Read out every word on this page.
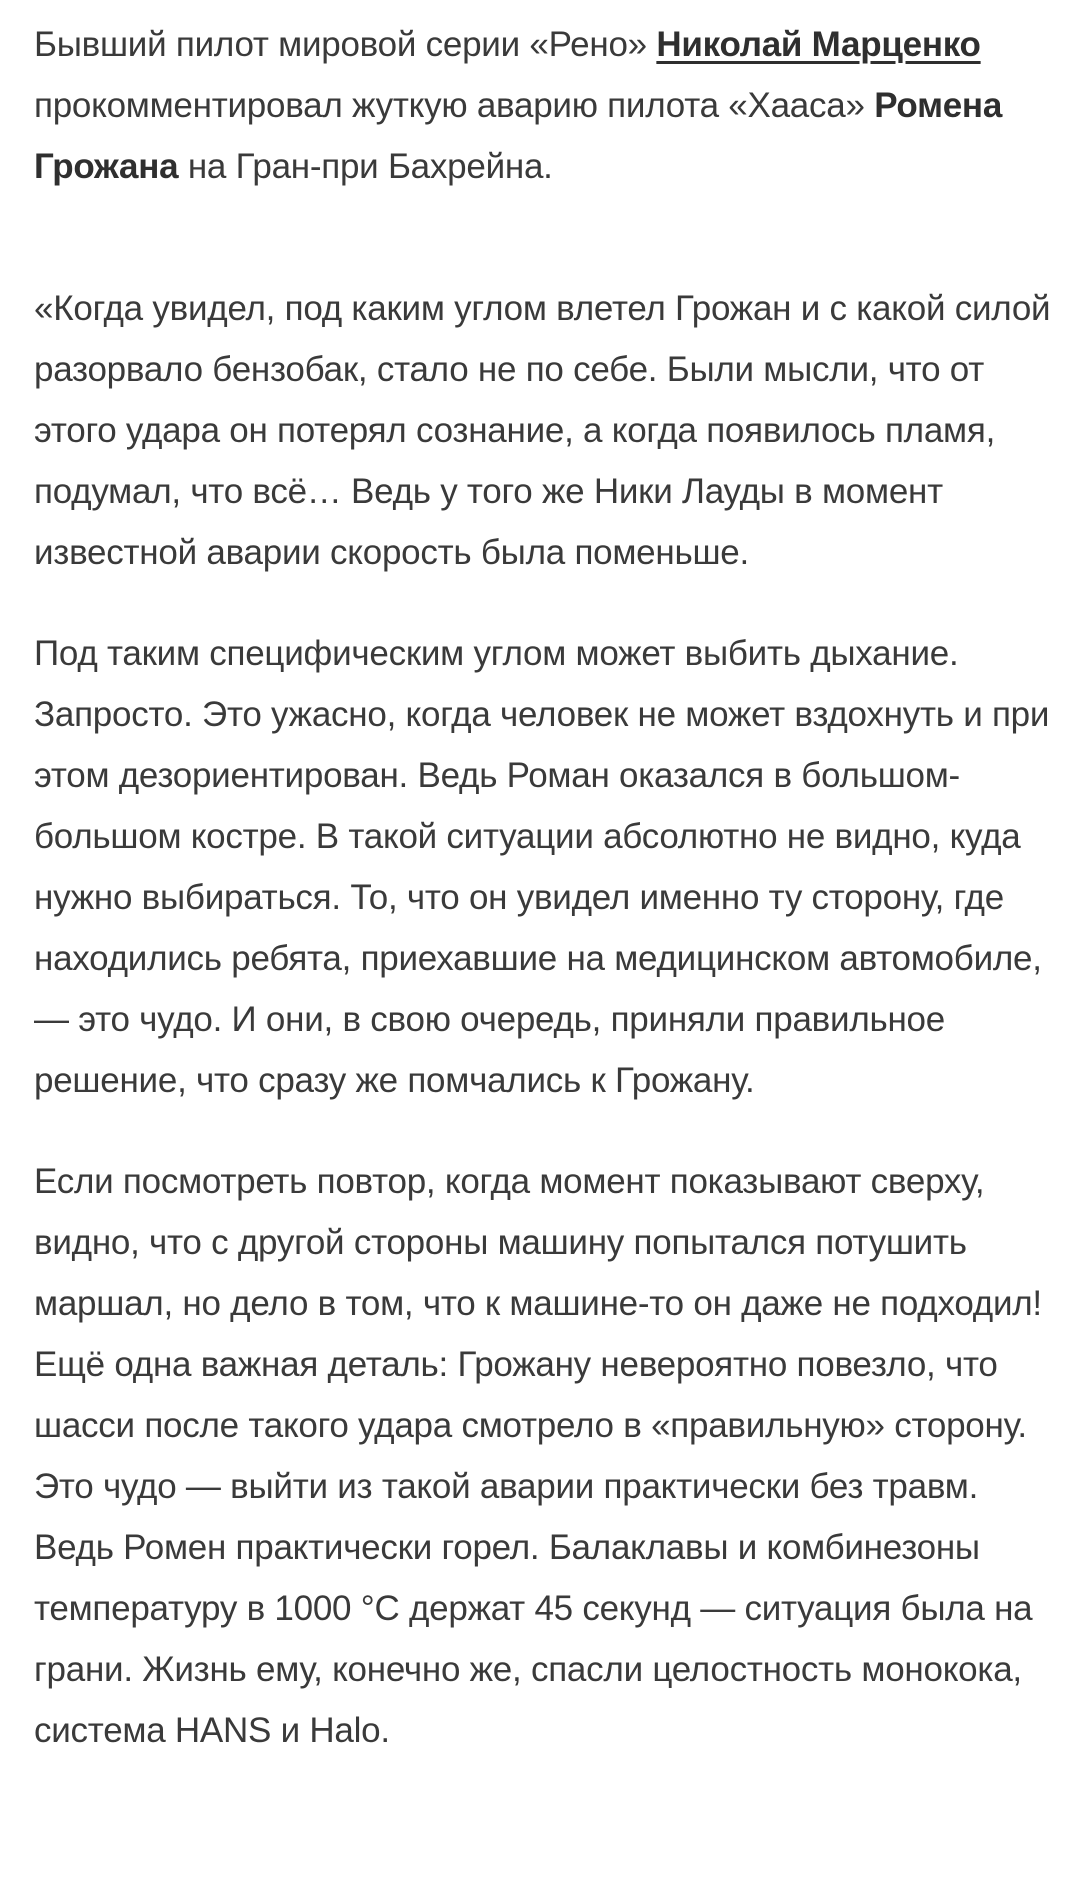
Бывший пилот мировой серии «Рено» Николай Марценко прокомментировал жуткую аварию пилота «Хааса» Ромена Грожана на Гран-при Бахрейна.

«Когда увидел, под каким углом влетел Грожан и с какой силой разорвало бензобак, стало не по себе. Были мысли, что от этого удара он потерял сознание, а когда появилось пламя, подумал, что всё… Ведь у того же Ники Лауды в момент известной аварии скорость была поменьше.

Под таким специфическим углом может выбить дыхание. Запросто. Это ужасно, когда человек не может вздохнуть и при этом дезориентирован. Ведь Роман оказался в большом-большом костре. В такой ситуации абсолютно не видно, куда нужно выбираться. То, что он увидел именно ту сторону, где находились ребята, приехавшие на медицинском автомобиле, — это чудо. И они, в свою очередь, приняли правильное решение, что сразу же помчались к Грожану.

Если посмотреть повтор, когда момент показывают сверху, видно, что с другой стороны машину попытался потушить маршал, но дело в том, что к машине-то он даже не подходил! Ещё одна важная деталь: Грожану невероятно повезло, что шасси после такого удара смотрело в «правильную» сторону. Это чудо — выйти из такой аварии практически без травм. Ведь Ромен практически горел. Балаклавы и комбинезоны температуру в 1000 °С держат 45 секунд — ситуация была на грани. Жизнь ему, конечно же, спасли целостность монокока, система HANS и Halo.
